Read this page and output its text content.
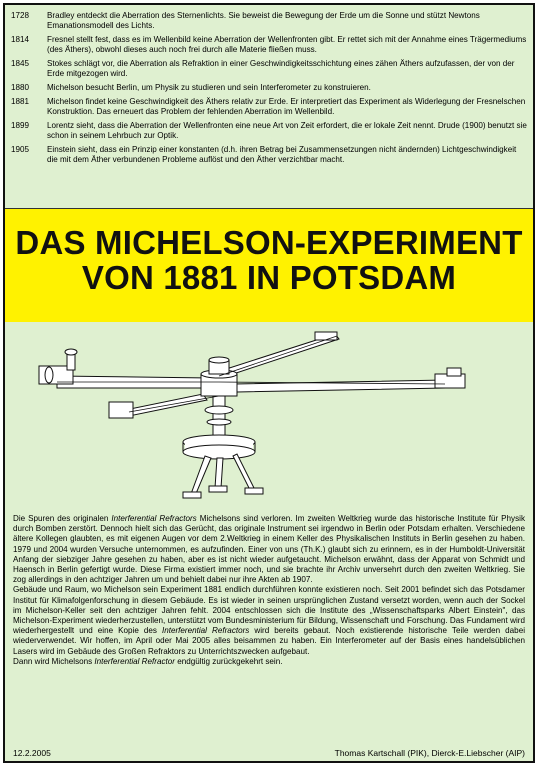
1728	Bradley entdeckt die Aberration des Sternenlichts. Sie beweist die Bewegung der Erde um die Sonne und stützt Newtons Emanationsmodell des Lichts.
1814	Fresnel stellt fest, dass es im Wellenbild keine Aberration der Wellenfronten gibt. Er rettet sich mit der Annahme eines Trägermediums (des Äthers), obwohl dieses auch noch frei durch alle Materie fließen muss.
1845	Stokes schlägt vor, die Aberration als Refraktion in einer Geschwindigkeitsschichtung eines zähen Äthers aufzufassen, der von der Erde mitgezogen wird.
1880	Michelson besucht Berlin, um Physik zu studieren und sein Interferometer zu konstruieren.
1881	Michelson findet keine Geschwindigkeit des Äthers relativ zur Erde. Er interpretiert das Experiment als Widerlegung der Fresnelschen Konstruktion. Das erneuert das Problem der fehlenden Aberration im Wellenbild.
1899	Lorentz sieht, dass die Aberration der Wellenfronten eine neue Art von Zeit erfordert, die er lokale Zeit nennt. Drude (1900) benutzt sie schon in seinem Lehrbuch zur Optik.
1905	Einstein sieht, dass ein Prinzip einer konstanten (d.h. ihren Betrag bei Zusammensetzungen nicht ändernden) Lichtgeschwindigkeit die mit dem Äther verbundenen Probleme auflöst und den Äther verzichtbar macht.
DAS MICHELSON-EXPERIMENT
VON 1881 IN POTSDAM

Die Spuren des originalen Interferential Refractors Michelsons sind verloren. Im zweiten Weltkrieg wurde das historische Institute für Physik durch Bomben zerstört. Dennoch hielt sich das Gerücht, das originale Instrument sei irgendwo in Berlin oder Potsdam erhalten. Verschiedene ältere Kollegen glaubten, es mit eigenen Augen vor dem 2.Weltkrieg in einem Keller des Physikalischen Instituts in Berlin gesehen zu haben. 1979 und 2004 wurden Versuche unternommen, es aufzufinden. Einer von uns (Th.K.) glaubt sich zu erinnern, es in der Humboldt-Universität Anfang der siebziger Jahre gesehen zu haben, aber es ist nicht wieder aufgetaucht. Michelson erwähnt, dass der Apparat von Schmidt und Haensch in Berlin gefertigt wurde. Diese Firma existiert immer noch, und sie brachte ihr Archiv unversehrt durch den zweiten Weltkrieg. Sie zog allerdings in den achtziger Jahren um und behielt dabei nur ihre Akten ab 1907.

Gebäude und Raum, wo Michelson sein Experiment 1881 endlich durchführen konnte existieren noch. Seit 2001 befindet sich das Potsdamer Institut für Klimafolgenforschung in diesem Gebäude. Es ist wieder in seinen ursprünglichen Zustand versetzt worden, wenn auch der Sockel im Michelson-Keller seit den achtziger Jahren fehlt. 2004 entschlossen sich die Institute des „Wissenschaftsparks Albert Einstein", das Michelson-Experiment wiederherzustellen, unterstützt vom Bundesministerium für Bildung, Wissenschaft und Forschung. Das Fundament wird wiederhergestellt und eine Kopie des Interferential Refractors wird bereits gebaut. Noch existierende historische Teile werden dabei wiederverwendet. Wir hoffen, im April oder Mai 2005 alles beisammen zu haben. Ein Interferometer auf der Basis eines handelsüblichen Lasers wird im Gebäude des Großen Refraktors zu Unterrichtszwecken aufgebaut.

Dann wird Michelsons Interferential Refractor endgültig zurückgekehrt sein.

12.2.2005	Thomas Kartschall (PIK), Dierck-E.Liebscher (AIP)
